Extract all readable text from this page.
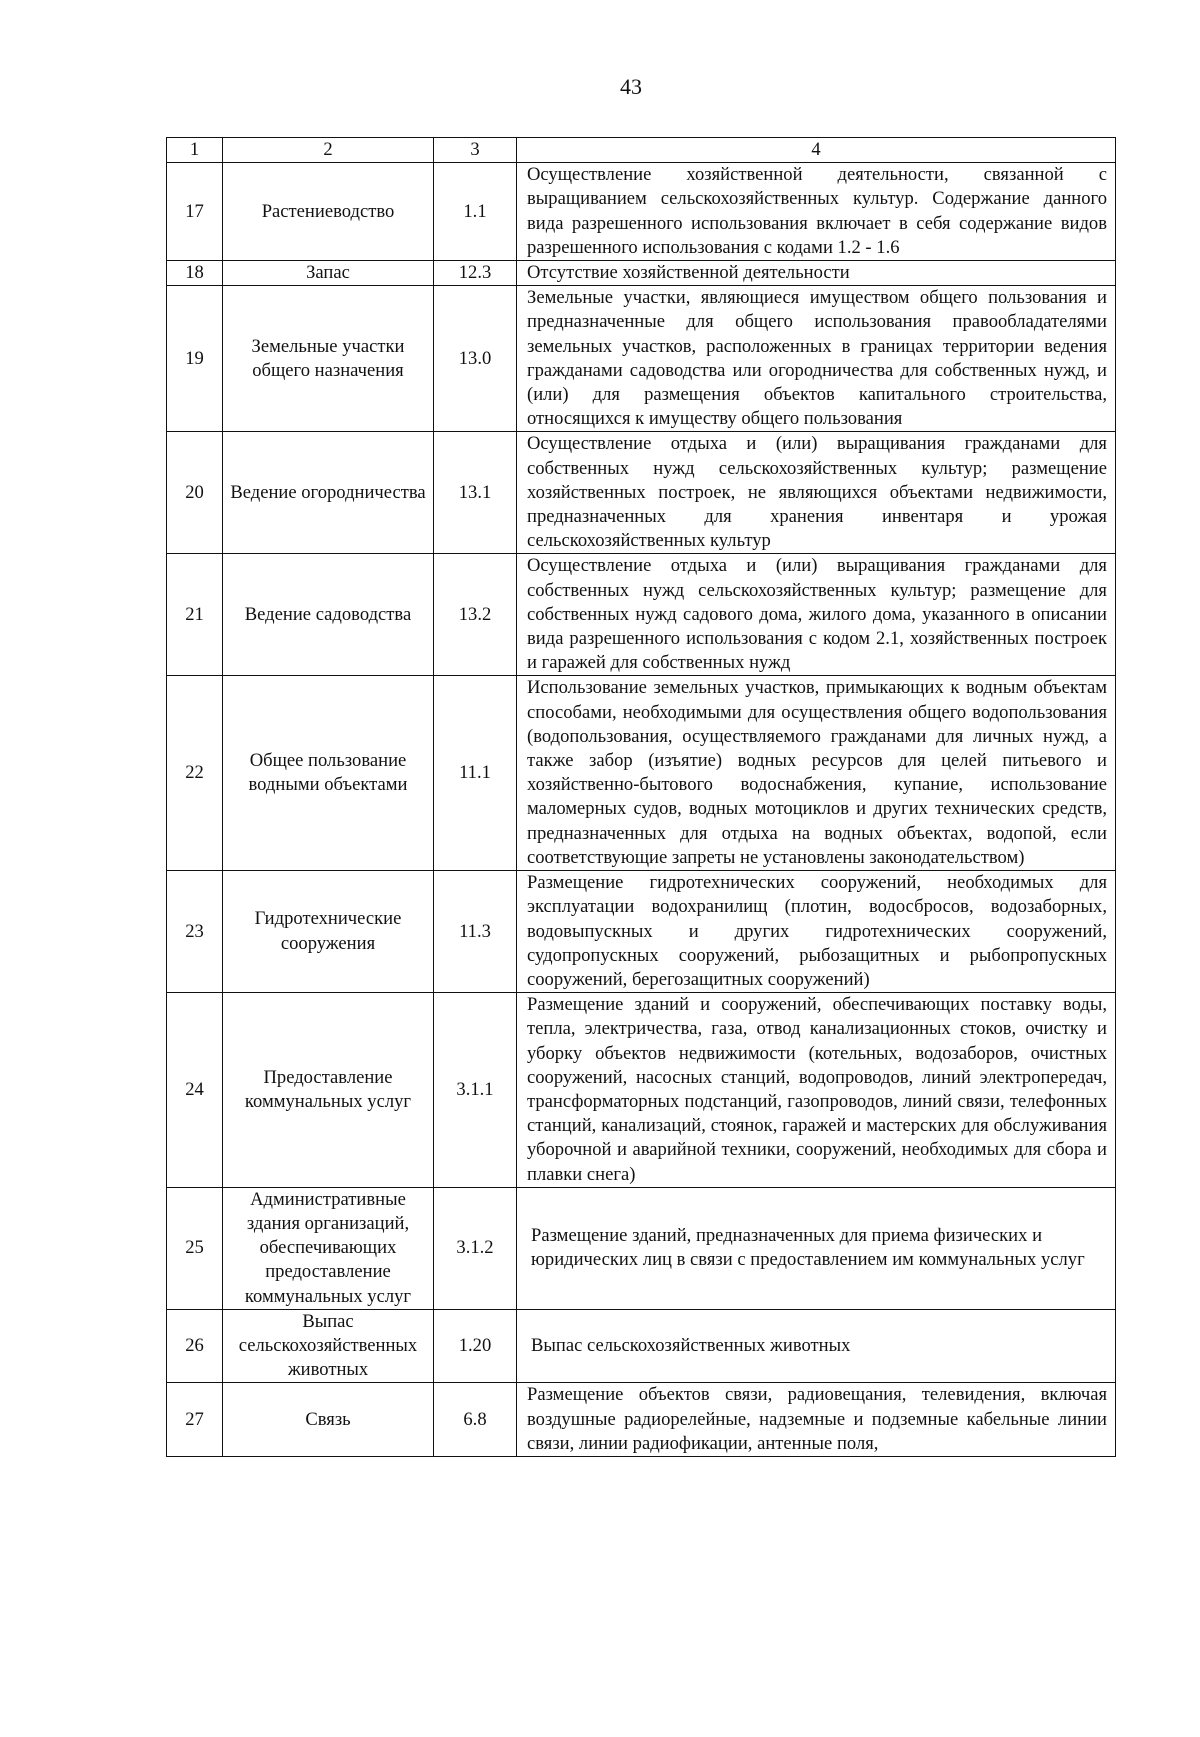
43
1	2	3	4
17	Растениеводство	1.1	Осуществление хозяйственной деятельности, связанной с выращиванием сельскохозяйственных культур. Содержание данного вида разрешенного использования включает в себя содержание видов разрешенного использования с кодами 1.2 - 1.6
18	Запас	12.3	Отсутствие хозяйственной деятельности
19	Земельные участки общего назначения	13.0	Земельные участки, являющиеся имуществом общего пользования и предназначенные для общего использования правообладателями земельных участков, расположенных в границах территории ведения гражданами садоводства или огородничества для собственных нужд, и (или) для размещения объектов капитального строительства, относящихся к имуществу общего пользования
20	Ведение огородничества	13.1	Осуществление отдыха и (или) выращивания гражданами для собственных нужд сельскохозяйственных культур; размещение хозяйственных построек, не являющихся объектами недвижимости, предназначенных для хранения инвентаря и урожая сельскохозяйственных культур
21	Ведение садоводства	13.2	Осуществление отдыха и (или) выращивания гражданами для собственных нужд сельскохозяйственных культур; размещение для собственных нужд садового дома, жилого дома, указанного в описании вида разрешенного использования с кодом 2.1, хозяйственных построек и гаражей для собственных нужд
22	Общее пользование водными объектами	11.1	Использование земельных участков, примыкающих к водным объектам способами, необходимыми для осуществления общего водопользования (водопользования, осуществляемого гражданами для личных нужд, а также забор (изъятие) водных ресурсов для целей питьевого и хозяйственно-бытового водоснабжения, купание, использование маломерных судов, водных мотоциклов и других технических средств, предназначенных для отдыха на водных объектах, водопой, если соответствующие запреты не установлены законодательством)
23	Гидротехнические сооружения	11.3	Размещение гидротехнических сооружений, необходимых для эксплуатации водохранилищ (плотин, водосбросов, водозаборных, водовыпускных и других гидротехнических сооружений, судопропускных сооружений, рыбозащитных и рыбопропускных сооружений, берегозащитных сооружений)
24	Предоставление коммунальных услуг	3.1.1	Размещение зданий и сооружений, обеспечивающих поставку воды, тепла, электричества, газа, отвод канализационных стоков, очистку и уборку объектов недвижимости (котельных, водозаборов, очистных сооружений, насосных станций, водопроводов, линий электропередач, трансформаторных подстанций, газопроводов, линий связи, телефонных станций, канализаций, стоянок, гаражей и мастерских для обслуживания уборочной и аварийной техники, сооружений, необходимых для сбора и плавки снега)
25	Административные здания организаций, обеспечивающих предоставление коммунальных услуг	3.1.2	Размещение зданий, предназначенных для приема физических и юридических лиц в связи с предоставлением им коммунальных услуг
26	Выпас сельскохозяйственных животных	1.20	Выпас сельскохозяйственных животных
27	Связь	6.8	Размещение объектов связи, радиовещания, телевидения, включая воздушные радиорелейные, надземные и подземные кабельные линии связи, линии радиофикации, антенные поля,
